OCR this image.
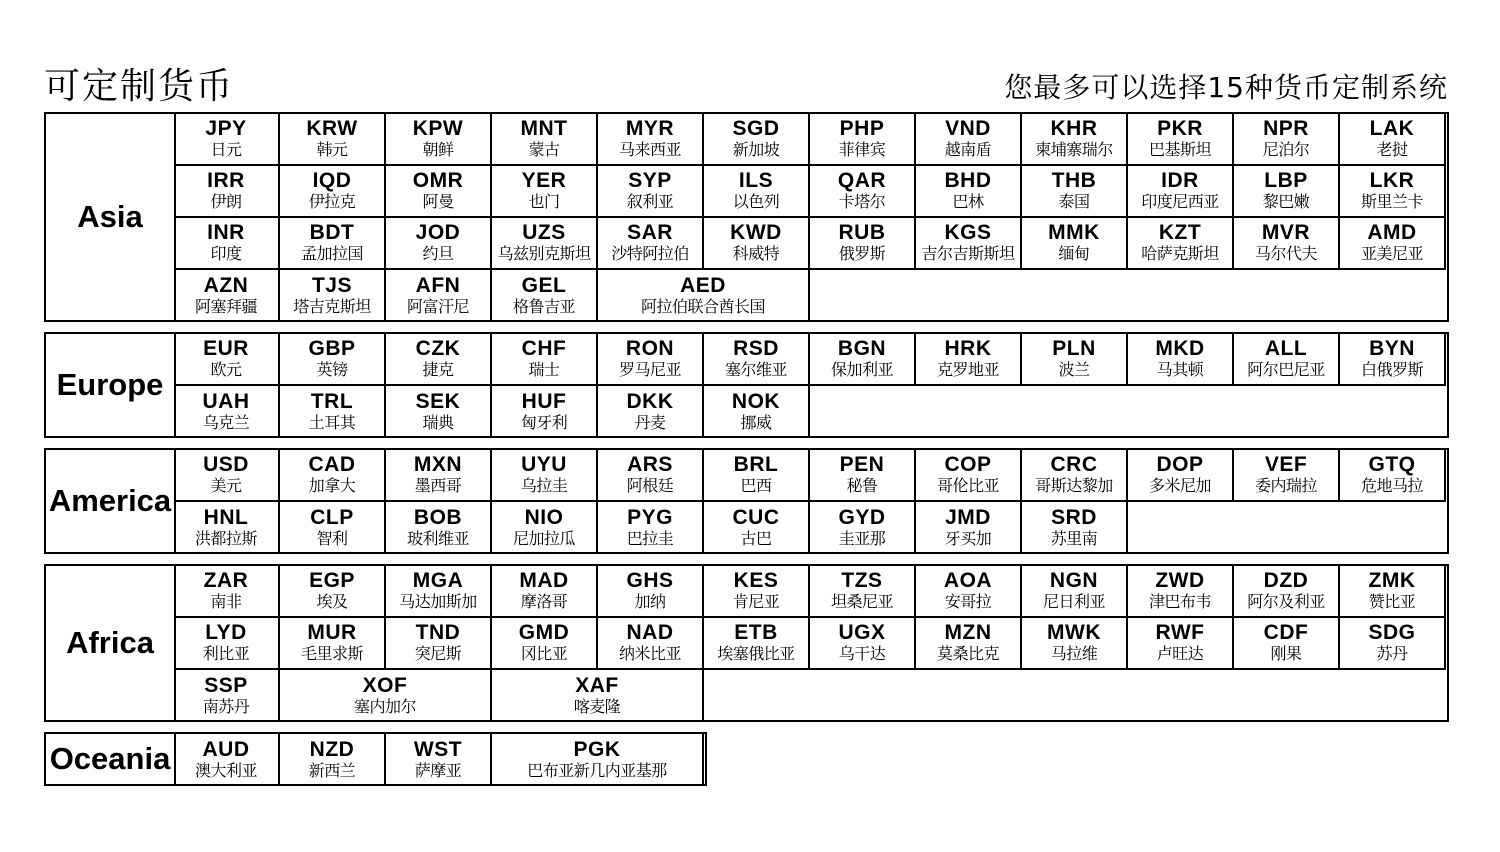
可定制货币	您最多可以选择15种货币定制系统
Asia
JPY
日元
KRW
韩元
KPW
朝鲜
MNT
蒙古
MYR
马来西亚
SGD
新加坡
PHP
菲律宾
VND
越南盾
KHR
柬埔寨瑞尔
PKR
巴基斯坦
NPR
尼泊尔
LAK
老挝
IRR
伊朗
IQD
伊拉克
OMR
阿曼
YER
也门
SYP
叙利亚
ILS
以色列
QAR
卡塔尔
BHD
巴林
THB
泰国
IDR
印度尼西亚
LBP
黎巴嫩
LKR
斯里兰卡
INR
印度
BDT
孟加拉国
JOD
约旦
UZS
乌兹别克斯坦
SAR
沙特阿拉伯
KWD
科威特
RUB
俄罗斯
KGS
吉尔吉斯斯坦
MMK
缅甸
KZT
哈萨克斯坦
MVR
马尔代夫
AMD
亚美尼亚
AZN
阿塞拜疆
TJS
塔吉克斯坦
AFN
阿富汗尼
GEL
格鲁吉亚
AED
阿拉伯联合酋长国
Europe
EUR
欧元
GBP
英镑
CZK
捷克
CHF
瑞士
RON
罗马尼亚
RSD
塞尔维亚
BGN
保加利亚
HRK
克罗地亚
PLN
波兰
MKD
马其顿
ALL
阿尔巴尼亚
BYN
白俄罗斯
UAH
乌克兰
TRL
土耳其
SEK
瑞典
HUF
匈牙利
DKK
丹麦
NOK
挪威
America
USD
美元
CAD
加拿大
MXN
墨西哥
UYU
乌拉圭
ARS
阿根廷
BRL
巴西
PEN
秘鲁
COP
哥伦比亚
CRC
哥斯达黎加
DOP
多米尼加
VEF
委内瑞拉
GTQ
危地马拉
HNL
洪都拉斯
CLP
智利
BOB
玻利维亚
NIO
尼加拉瓜
PYG
巴拉圭
CUC
古巴
GYD
圭亚那
JMD
牙买加
SRD
苏里南
Africa
ZAR
南非
EGP
埃及
MGA
马达加斯加
MAD
摩洛哥
GHS
加纳
KES
肯尼亚
TZS
坦桑尼亚
AOA
安哥拉
NGN
尼日利亚
ZWD
津巴布韦
DZD
阿尔及利亚
ZMK
赞比亚
LYD
利比亚
MUR
毛里求斯
TND
突尼斯
GMD
冈比亚
NAD
纳米比亚
ETB
埃塞俄比亚
UGX
乌干达
MZN
莫桑比克
MWK
马拉维
RWF
卢旺达
CDF
刚果
SDG
苏丹
SSP
南苏丹
XOF
塞内加尔
XAF
喀麦隆
Oceania AUD
澳大利亚
NZD
新西兰
WST
萨摩亚
PGK
巴布亚新几内亚基那
